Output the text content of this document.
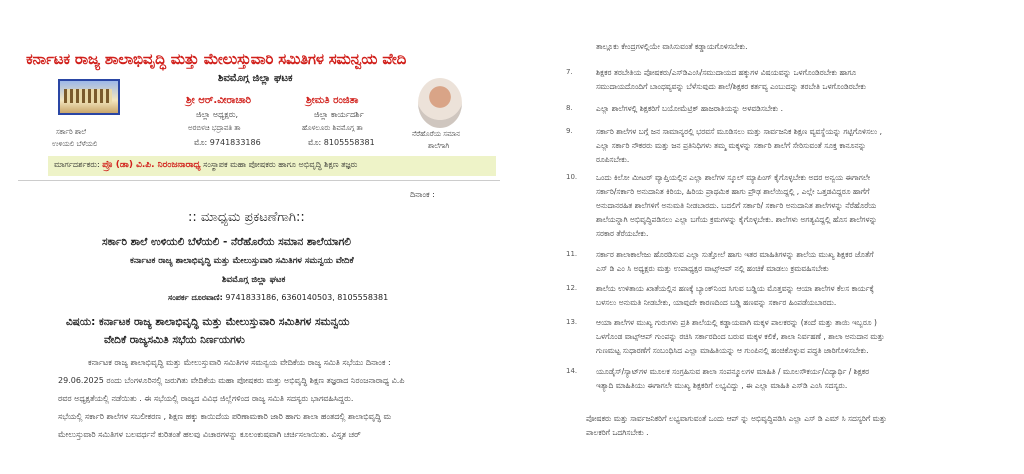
ಕರ್ನಾಟಕ ರಾಜ್ಯ ಶಾಲಾಭಿವೃದ್ಧಿ ಮತ್ತು ಮೇಲುಸ್ತುವಾರಿ ಸಮಿತಿಗಳ ಸಮನ್ವಯ ವೇದಿ
ಶಿವಮೊಗ್ಗ ಜಿಲ್ಲಾ ಘಟಕ
ಸರ್ಕಾರಿ ಶಾಲೆ
ಉಳಿಯಲಿ ಬೆಳೆಯಲಿ
ಶ್ರೀ ಆರ್.ವೀರಾಚಾರಿ
ಜಿಲ್ಲಾ ಅಧ್ಯಕ್ಷರು,
ಅರಬಿಳಚಿ ಭದ್ರಾವತಿ ತಾ
ಮೊ: 9741833186
ಶ್ರೀಮತಿ ರಂಜಿತಾ
ಜಿಲ್ಲಾ ಕಾರ್ಯದರ್ಶಿ
ಹೊಳಲೂರು ಶಿವಮೊಗ್ಗ ತಾ
ಮೊ: 8105558381
ನೆರೆಹೊರೆಯ ಸಮಾನ
ಶಾಲೆಗಾಗಿ
ಮಾರ್ಗದರ್ಶಕರು: ಪ್ರೊ (ಡಾ) ವಿ.ಪಿ. ನಿರಂಜನಾರಾಧ್ಯ ಸಂಸ್ಥಾಪಕ ಮಹಾ ಪೋಷಕರು ಹಾಗೂ ಅಭಿವೃದ್ಧಿ ಶಿಕ್ಷಣ ತಜ್ಞರು
ದಿನಾಂಕ :
:: ಮಾಧ್ಯಮ ಪ್ರಕಟಣೆಗಾಗಿ::
ಸರ್ಕಾರಿ ಶಾಲೆ ಉಳಿಯಲಿ ಬೆಳೆಯಲಿ - ನೆರೆಹೊರೆಯ ಸಮಾನ ಶಾಲೆಯಾಗಲಿ
ಕರ್ನಾಟಕ ರಾಜ್ಯ ಶಾಲಾಭಿವೃದ್ಧಿ ಮತ್ತು ಮೇಲುಸ್ತುವಾರಿ ಸಮಿತಿಗಳ ಸಮನ್ವಯ ವೇದಿಕೆ
ಶಿವಮೊಗ್ಗ ಜಿಲ್ಲಾ ಘಟಕ
ಸಂಪರ್ಕ ದೂರವಾಣಿ: 9741833186, 6360140503, 8105558381
ವಿಷಯ: ಕರ್ನಾಟಕ ರಾಜ್ಯ ಶಾಲಾಭಿವೃದ್ಧಿ ಮತ್ತು ಮೇಲುಸ್ತುವಾರಿ ಸಮಿತಿಗಳ ಸಮನ್ವಯ
ವೇದಿಕೆ ರಾಜ್ಯಸಮಿತಿ ಸಭೆಯ ನಿರ್ಣಯಗಳು
ಕರ್ನಾಟಕ ರಾಜ್ಯ ಶಾಲಾಭಿವೃದ್ಧಿ ಮತ್ತು ಮೇಲುಸ್ತುವಾರಿ ಸಮಿತಿಗಳ ಸಮನ್ವಯ ವೇದಿಕೆಯ ರಾಜ್ಯ ಸಮಿತಿ ಸಭೆಯು ದಿನಾಂಕ :
29.06.2025 ರಂದು ಬೆಂಗಳೂರಿನಲ್ಲಿ ಜರುಗಿತು ವೇದಿಕೆಯ ಮಹಾ ಪೋಷಕರು ಮತ್ತು ಅಭಿವೃದ್ಧಿ ಶಿಕ್ಷಣ ತಜ್ಞರಾದ ನಿರಂಜನಾರಾಧ್ಯ ವಿ.ಪಿ
ರವರ ಅಧ್ಯಕ್ಷತೆಯಲ್ಲಿ ನಡೆಯಿತು . ಈ ಸಭೆಯಲ್ಲಿ ರಾಜ್ಯದ ವಿವಿಧ ಜಿಲ್ಲೆಗಳಿಂದ ರಾಜ್ಯ ಸಮಿತಿ ಸದಸ್ಯರು ಭಾಗವಹಿಸಿದ್ದರು.
ಸಭೆಯಲ್ಲಿ ಸರ್ಕಾರಿ ಶಾಲೆಗಳ ಸಬಲೀಕರಣ , ಶಿಕ್ಷಣ ಹಕ್ಕು ಕಾಯಿದೆಯ ಪರಿಣಾಮಕಾರಿ ಜಾರಿ ಹಾಗು ಶಾಲಾ ಹಂತದಲ್ಲಿ ಶಾಲಾಭಿವೃದ್ಧಿ ಮ
ಮೇಲುಸ್ತುವಾರಿ ಸಮಿತಿಗಳ ಬಲವರ್ಧನೆ ಕುರಿತಂತೆ ಹಲವು ವಿಚಾರಗಳನ್ನು ಕೂಲಂಕುಷವಾಗಿ ಚರ್ಚಿಸಲಾಯಿತು. ವಿಸ್ತೃತ ಚರ್
ತಾಲ್ಲೂಕು ಕೇಂದ್ರಗಳಲ್ಲಿಯೇ ವಾಸಿಸುವಂತೆ ಕಡ್ಡಾಯಗೊಳಿಸಬೇಕು.
7.	ಶಿಕ್ಷಕರ ತರಬೇತಿಯ ಪೋಷಕರು/ಎಸ್‌ಡಿಎಂಸಿ/ಸಮುದಾಯದ ಹಕ್ಕುಗಳ ವಿಷಯವನ್ನು ಒಳಗೊಂಡಿರಬೇಕು ಹಾಗೂ
ಸಮುದಾಯದೊಂದಿಗೆ ಬಾಂಧವ್ಯವನ್ನು ಬೆಳೆಸುವುದು ಶಾಲೆ/ಶಿಕ್ಷಕರ ಕರ್ತವ್ಯ ಎಂಬುದನ್ನು ತರಬೇತಿ ಒಳಗೊಂಡಿರಬೇಕು
8.	ಎಲ್ಲಾ ಶಾಲೆಗಳಲ್ಲಿ ಶಿಕ್ಷಕರಿಗೆ ಬಯೋಮೆಟ್ರಿಕ್ ಹಾಜರಾತಿಯನ್ನು ಅಳವಡಿಸಬೇಕು .
9.	ಸರ್ಕಾರಿ ಶಾಲೆಗಳ ಬಗ್ಗೆ ಜನ ಸಾಮಾನ್ಯರಲ್ಲಿ ಭರವಸೆ ಮೂಡಿಸಲು ಮತ್ತು ಸಾರ್ವಜನಿಕ ಶಿಕ್ಷಣ ವ್ಯವಸ್ಥೆಯನ್ನು ಗಟ್ಟಿಗೊಳಿಸಲು ,
ಎಲ್ಲಾ ಸರ್ಕಾರಿ ನೌಕರರು ಮತ್ತು ಜನ ಪ್ರತಿನಿಧಿಗಳು ತಮ್ಮ ಮಕ್ಕಳನ್ನು ಸರ್ಕಾರಿ ಶಾಲೆಗೆ ಸೇರಿಸುವಂತೆ ಸೂಕ್ತ ಕಾನೂನನ್ನು
ರೂಪಿಸಬೇಕು.
10.	ಒಂದು ಕಿಲೋ ಮೀಟರ್ ವ್ಯಾಪ್ತಿಯಲ್ಲಿನ ಎಲ್ಲಾ ಶಾಲೆಗಳ ಸ್ಕೂಲ್ ಮ್ಯಾಪಿಂಗ್ ಕೈಗೊಳ್ಳಬೇಕು ಅದರ ಅನ್ವಯ ಈಗಾಗಲೇ
ಸರ್ಕಾರಿ/ಸರ್ಕಾರಿ ಅನುದಾನಿತ ಕಿರಿಯ, ಹಿರಿಯ ಪ್ರಾಥಮಿಕ ಹಾಗು ಪ್ರೌಢ ಶಾಲೆಯಿದ್ದಲ್ಲಿ , ಎಲ್ಲೇ ಒತ್ತಡವಿದ್ದರೂ ಹಾಗೆಗೆ
ಅನುದಾನರಹಿತ ಶಾಲೆಗಳಿಗೆ ಅನುಮತಿ ನೀಡಬಾರದು. ಬದಲಿಗೆ ಸರ್ಕಾರಿ/ ಸರ್ಕಾರಿ ಅನುದಾನಿತ ಶಾಲೆಗಳನ್ನು ನೆರೆಹೊರೆಯ
ಶಾಲೆಯನ್ನಾಗಿ ಅಭಿವೃದ್ಧಿಪಡಿಸಲು ಎಲ್ಲಾ ಬಗೆಯ ಕ್ರಮಗಳನ್ನು ಕೈಗೊಳ್ಳಬೇಕು. ಶಾಲೆಗಳು ಅಗತ್ಯವಿದ್ದಲ್ಲಿ ಹೊಸ ಶಾಲೆಗಳನ್ನು
ಸರಕಾರ ತೆರೆಯಬೇಕು.
11.	ಸರ್ಕಾರ ಶಾಲಾಕಾಲೇಜು ಹೊರಡಿಸುವ ಎಲ್ಲಾ ಸುತ್ತೋಲೆ ಹಾಗು ಇತರ ಮಾಹಿತಿಗಳನ್ನು ಶಾಲೆಯ ಮುಖ್ಯ ಶಿಕ್ಷಕರ ಜೊತೆಗೆ
ಎಸ್ ಡಿ ಎಂ ಸಿ ಅಧ್ಯಕ್ಷರು ಮತ್ತು ಉಪಾಧ್ಯಕ್ಷರ ವಾಟ್ಸ್ಆಪ್ ನಲ್ಲಿ ಹಂಚಿಕೆ ಮಾಡಲು ಕ್ರಮವಹಿಸಬೇಕು
12.	ಶಾಲೆಯ ಉಳಿತಾಯ ಖಾತೆಯಲ್ಲಿನ ಹಣಕ್ಕೆ ಬ್ಯಾಂಕ್‌ನಿಂದ ಸಿಗುವ ಬಡ್ಡಿಯ ಮೊತ್ತವನ್ನು ಆಯಾ ಶಾಲೆಗಳ ಕೆಲಸ ಕಾರ್ಯಕ್ಕೆ
ಬಳಸಲು ಅನುಮತಿ ನೀಡಬೇಕು, ಯಾವುದೇ ಕಾರಣದಿಂದ ಬಡ್ಡಿ ಹಣವನ್ನು ಸರ್ಕಾರ ಹಿಂಪಡೆಯಬಾರದು.
13.	ಆಯಾ ಶಾಲೆಗಳ ಮುಖ್ಯ ಗುರುಗಳು ಪ್ರತಿ ಶಾಲೆಯಲ್ಲಿ ಕಡ್ಡಾಯವಾಗಿ ಮಕ್ಕಳ ಪಾಲಕರನ್ನು (ತಂದೆ ಮತ್ತು ತಾಯಿ ಇಬ್ಬರೂ )
ಒಳಗೊಂಡ ವಾಟ್ಸ್‌ಆಪ್ ಗುಂಪನ್ನು ರಚಿಸಿ ಸರ್ಕಾರದಿಂದ ಬರುವ ಮಕ್ಕಳ ಕಲಿಕೆ, ಶಾಲಾ ನಿರ್ವಹಣೆ , ಶಾಲಾ ಅನುದಾನ ಮತ್ತು
ಗುಣಮಟ್ಟ ಸುಧಾರಣೆಗೆ ಸಂಬಂಧಿಸಿದ ಎಲ್ಲಾ ಮಾಹಿತಿಯನ್ನು ಆ ಗುಂಪಿನಲ್ಲಿ ಹಂಚಿಕೊಳ್ಳುವ ಪದ್ಧತಿ ಜಾರಿಗೊಳಿಸಬೇಕು.
14.	ಯೂಡೈಸ್/ಸ್ಯಾಟ್‌ಗಳ ಮೂಲಕ ಸಂಗ್ರಹಿಸುವ ಶಾಲಾ ಸಂಪನ್ಮೂಲಗಳ ಮಾಹಿತಿ / ಮೂಲಸೌಕರ್ಯ/ವಿದ್ಯಾರ್ಥಿ / ಶಿಕ್ಷಕರ
ಇತ್ಯಾದಿ ಮಾಹಿತಿಯು ಈಗಾಗಲೇ ಮುಖ್ಯ ಶಿಕ್ಷಕರಿಗೆ ಲಭ್ಯವಿದ್ದು , ಈ ಎಲ್ಲಾ ಮಾಹಿತಿ ಎಸ್‌ಡಿ ಎಂಸಿ ಸದಸ್ಯರು.
ಪೋಷಕರು ಮತ್ತು ಸಾರ್ವಜನಿಕರಿಗೆ ಲಭ್ಯವಾಗುವಂತೆ ಒಂದು ಆಪ್ ನ್ನು ಅಭಿವೃದ್ಧಿಪಡಿಸಿ ಎಲ್ಲಾ ಎಸ್ ಡಿ ಎಮ್ ಸಿ ಸದಸ್ಯರಿಗೆ ಮತ್ತು
ಪಾಲಕರಿಗೆ ಒದಗಿಸಬೇಕು .
